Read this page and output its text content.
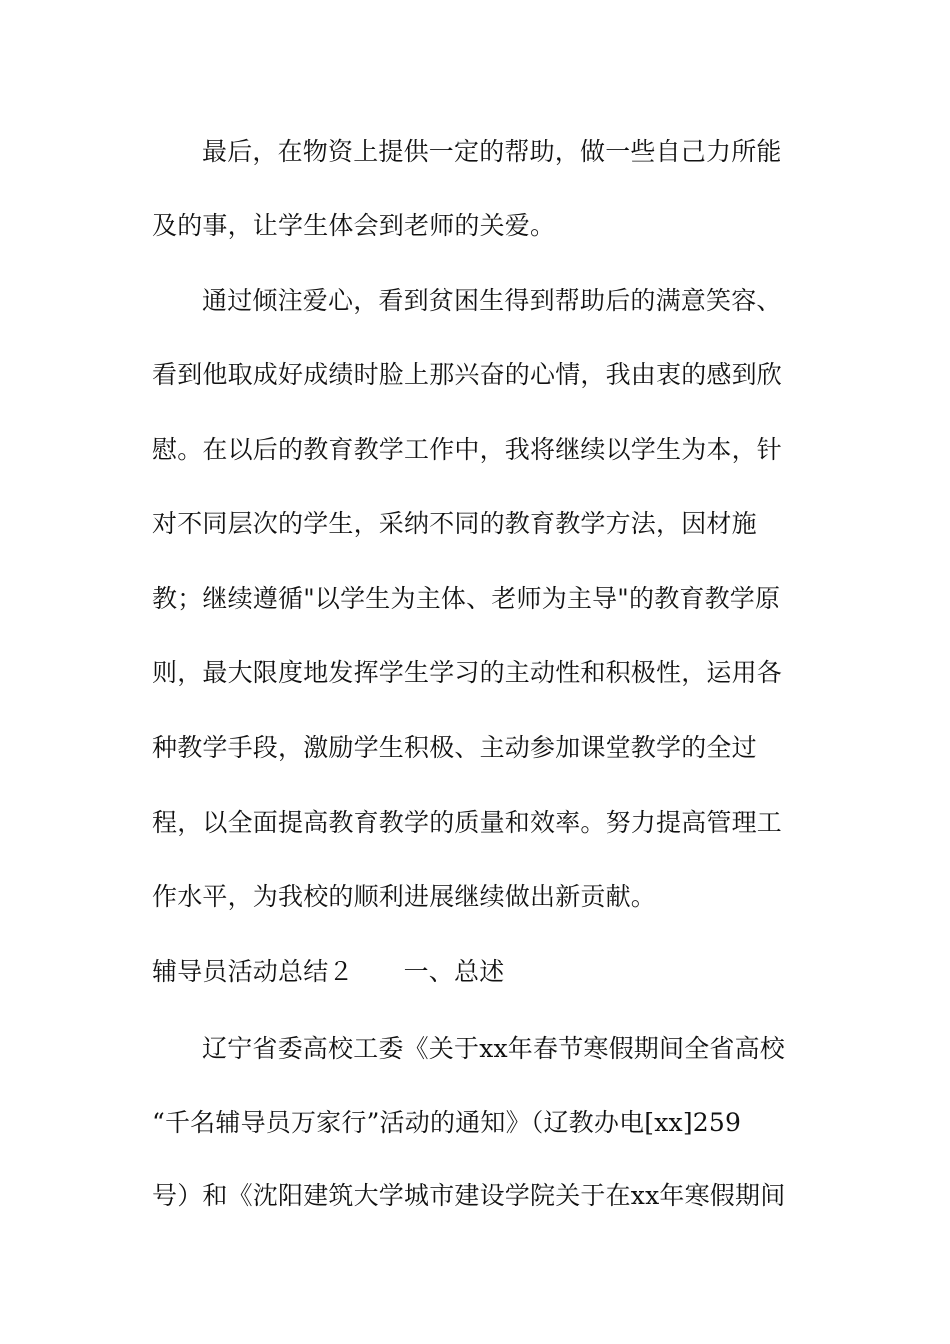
最后，在物资上提供一定的帮助，做一些自己力所能
及的事，让学生体会到老师的关爱。
通过倾注爱心，看到贫困生得到帮助后的满意笑容、
看到他取成好成绩时脸上那兴奋的心情，我由衷的感到欣
慰。在以后的教育教学工作中，我将继续以学生为本，针
对不同层次的学生，采纳不同的教育教学方法，因材施
教；继续遵循"以学生为主体、老师为主导"的教育教学原
则，最大限度地发挥学生学习的主动性和积极性，运用各
种教学手段，激励学生积极、主动参加课堂教学的全过
程，以全面提高教育教学的质量和效率。努力提高管理工
作水平，为我校的顺利进展继续做出新贡献。
辅导员活动总结２ 一、总述
辽宁省委高校工委《关于xx年春节寒假期间全省高校
“千名辅导员万家行”活动的通知》（辽教办电[xx]259
号）和《沈阳建筑大学城市建设学院关于在xx年寒假期间
